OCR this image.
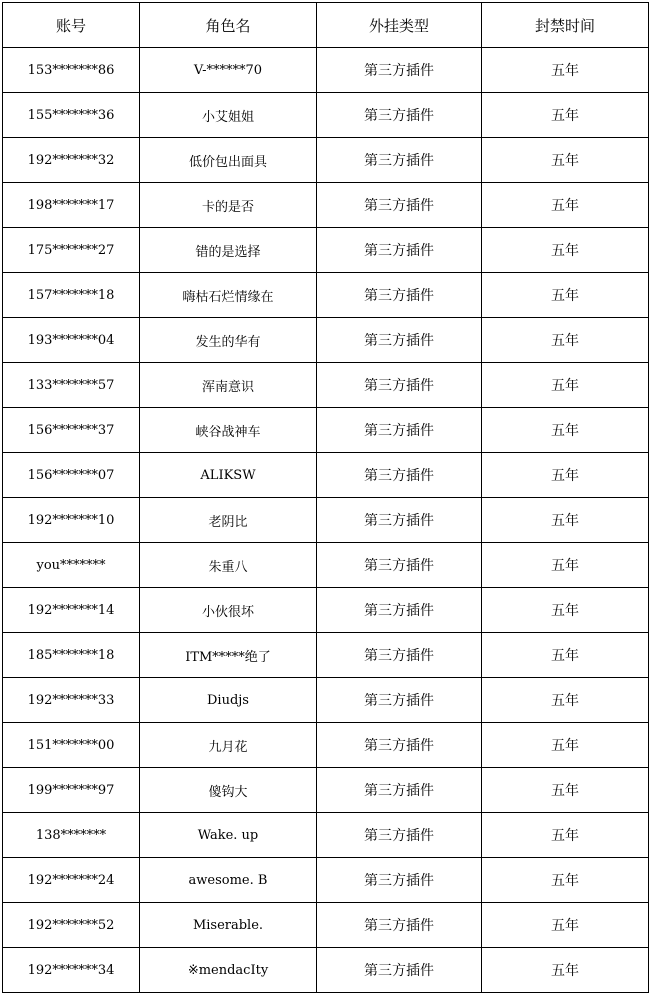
账号	角色名	外挂类型	封禁时间
153*******86	V-******70	第三方插件	五年
155*******36	小艾姐姐	第三方插件	五年
192*******32	低价包出面具	第三方插件	五年
198*******17	卡的是否	第三方插件	五年
175*******27	错的是选择	第三方插件	五年
157*******18	嗨枯石烂情缘在	第三方插件	五年
193*******04	发生的华有	第三方插件	五年
133*******57	浑南意识	第三方插件	五年
156*******37	峡谷战神车	第三方插件	五年
156*******07	ALIKSW	第三方插件	五年
192*******10	老阴比	第三方插件	五年
you*******	朱重八	第三方插件	五年
192*******14	小伙很坏	第三方插件	五年
185*******18	ITM*****绝了	第三方插件	五年
192*******33	Diudjs	第三方插件	五年
151*******00	九月花	第三方插件	五年
199*******97	傻钩大	第三方插件	五年
138*******	Wake. up	第三方插件	五年
192*******24	awesome. B	第三方插件	五年
192*******52	Miserable.	第三方插件	五年
192*******34	※mendacIty	第三方插件	五年
